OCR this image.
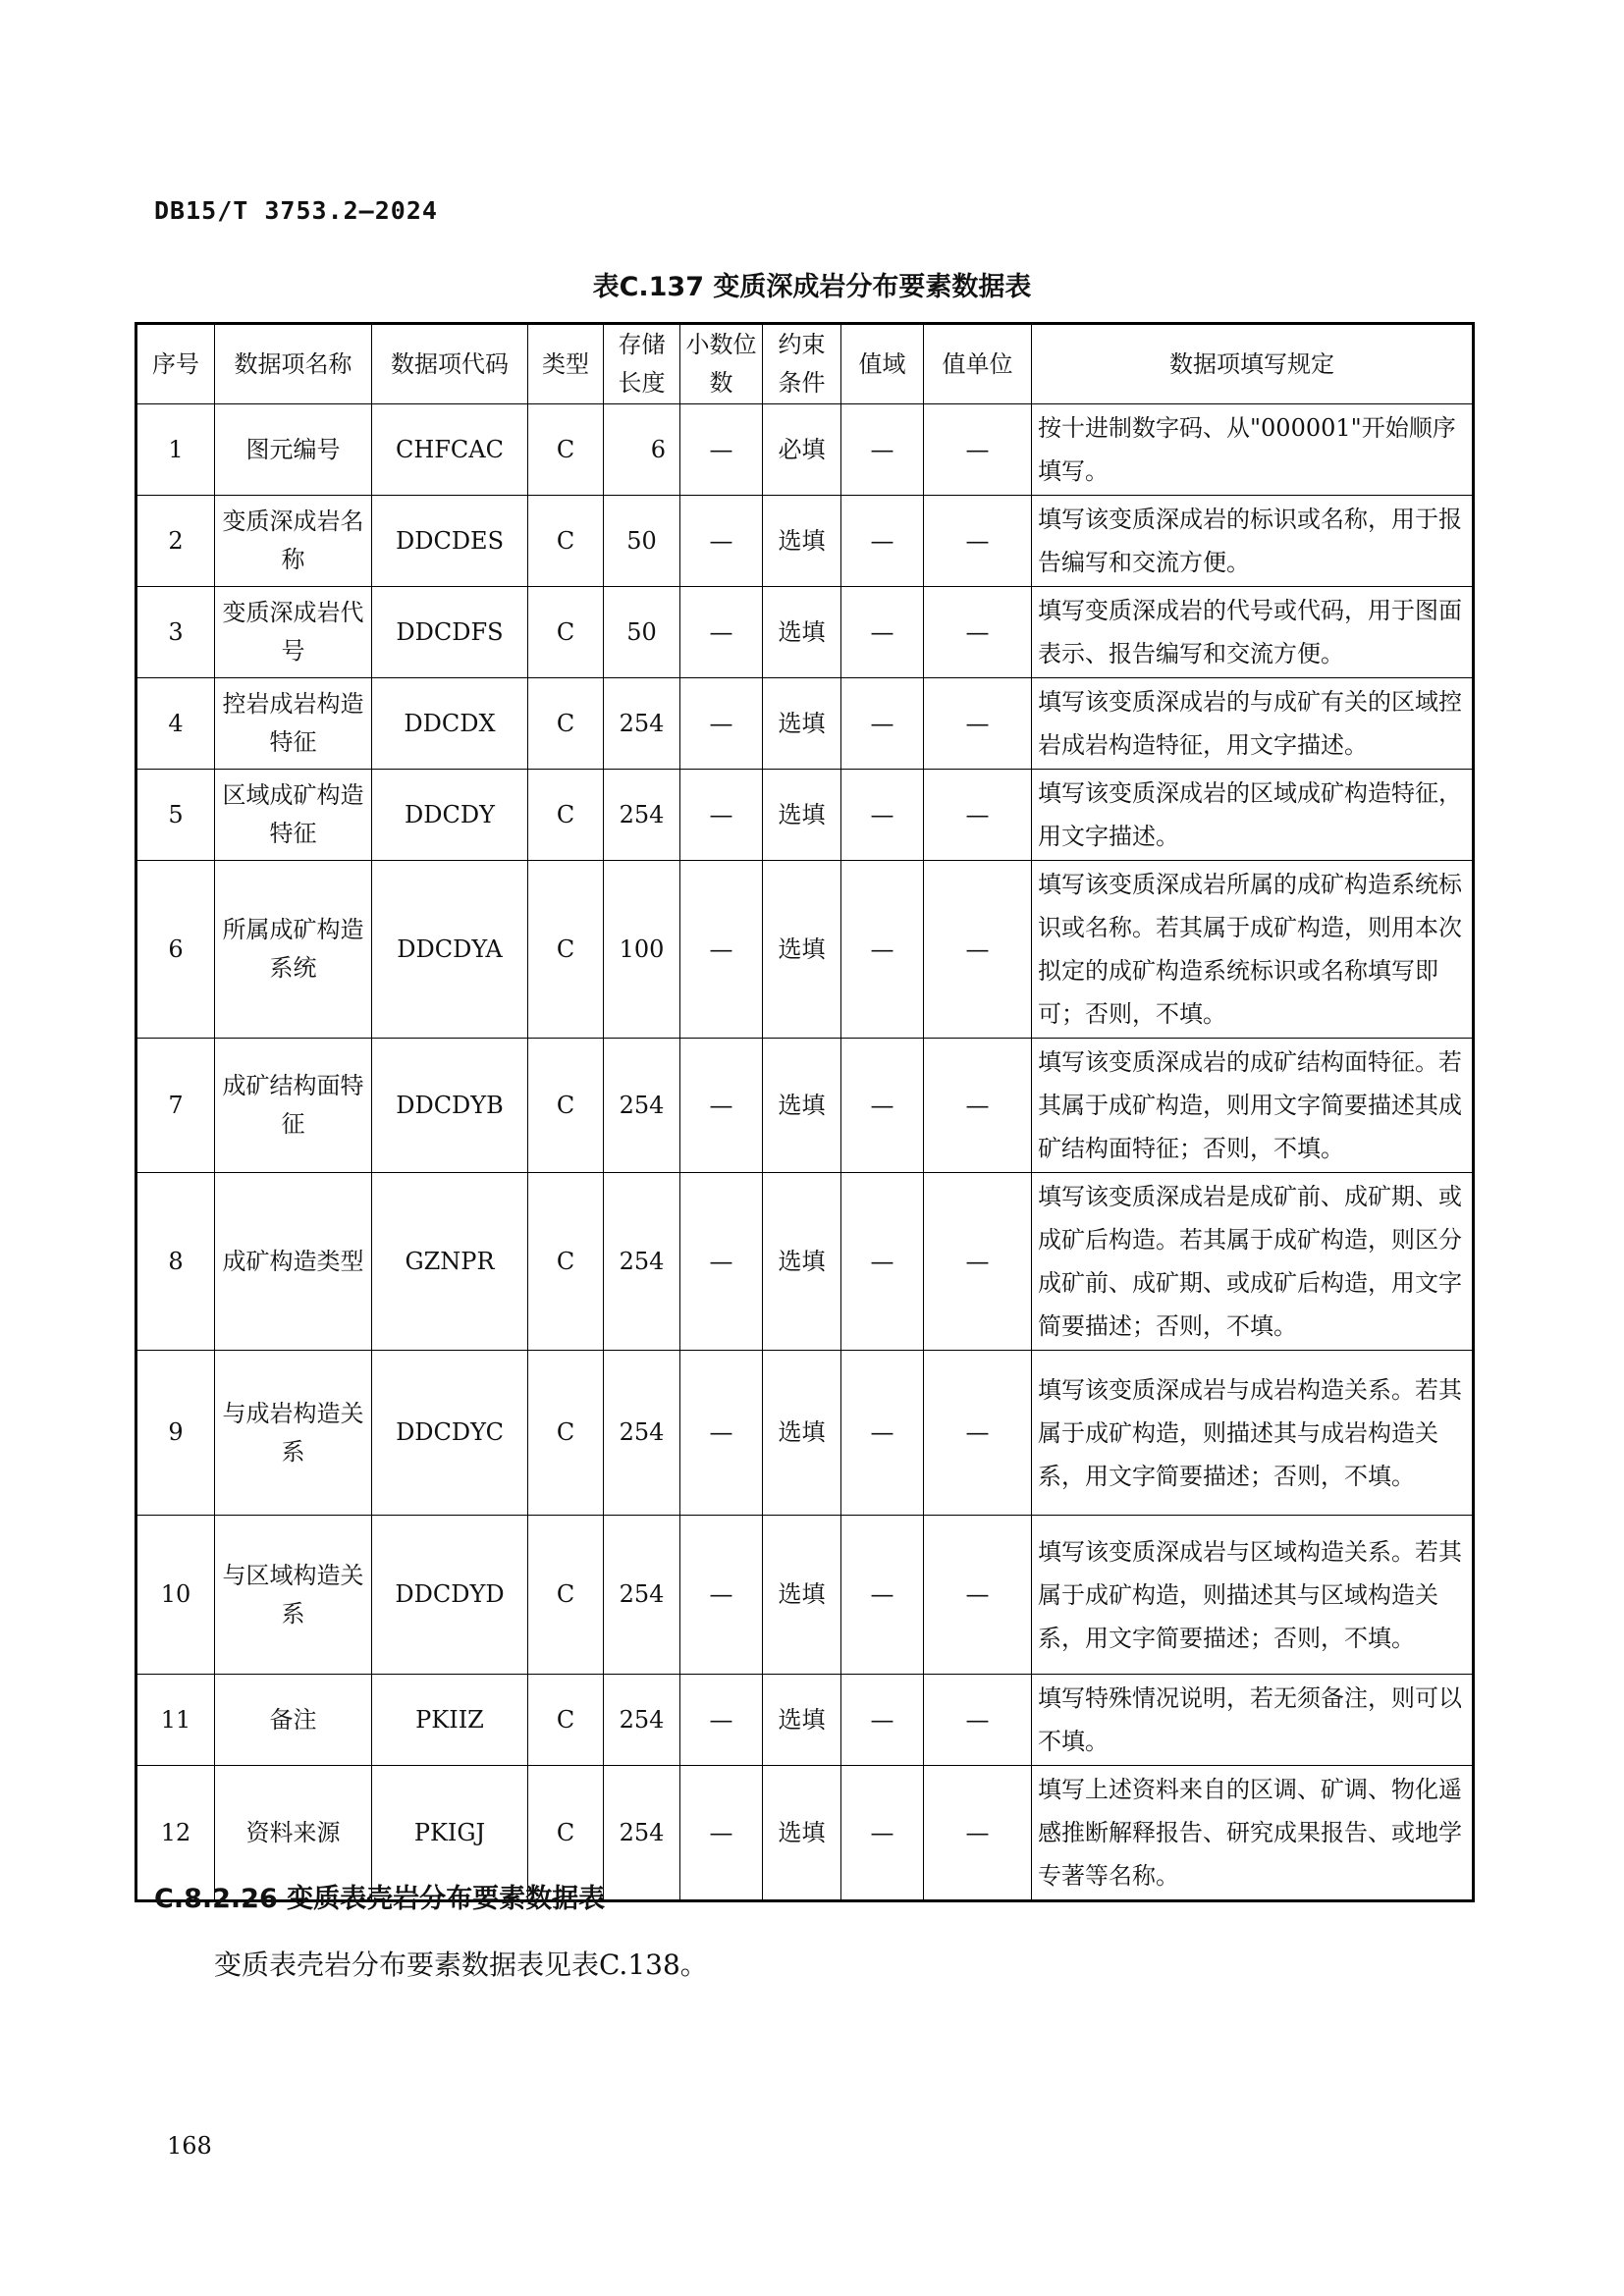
DB15/T 3753.2—2024
表C.137 变质深成岩分布要素数据表
序号	数据项名称	数据项代码	类型	存储长度	小数位数	约束条件	值域	值单位	数据项填写规定
1	图元编号	CHFCAC	C	6	—	必填	—	—	按十进制数字码、从"000001"开始顺序填写。
2	变质深成岩名称	DDCDES	C	50	—	选填	—	—	填写该变质深成岩的标识或名称，用于报告编写和交流方便。
3	变质深成岩代号	DDCDFS	C	50	—	选填	—	—	填写变质深成岩的代号或代码，用于图面表示、报告编写和交流方便。
4	控岩成岩构造特征	DDCDX	C	254	—	选填	—	—	填写该变质深成岩的与成矿有关的区域控岩成岩构造特征，用文字描述。
5	区域成矿构造特征	DDCDY	C	254	—	选填	—	—	填写该变质深成岩的区域成矿构造特征，用文字描述。
6	所属成矿构造系统	DDCDYA	C	100	—	选填	—	—	填写该变质深成岩所属的成矿构造系统标识或名称。若其属于成矿构造，则用本次拟定的成矿构造系统标识或名称填写即可；否则，不填。
7	成矿结构面特征	DDCDYB	C	254	—	选填	—	—	填写该变质深成岩的成矿结构面特征。若其属于成矿构造，则用文字简要描述其成矿结构面特征；否则，不填。
8	成矿构造类型	GZNPR	C	254	—	选填	—	—	填写该变质深成岩是成矿前、成矿期、或成矿后构造。若其属于成矿构造，则区分成矿前、成矿期、或成矿后构造，用文字简要描述；否则，不填。
9	与成岩构造关系	DDCDYC	C	254	—	选填	—	—	填写该变质深成岩与成岩构造关系。若其属于成矿构造，则描述其与成岩构造关系，用文字简要描述；否则，不填。
10	与区域构造关系	DDCDYD	C	254	—	选填	—	—	填写该变质深成岩与区域构造关系。若其属于成矿构造，则描述其与区域构造关系，用文字简要描述；否则，不填。
11	备注	PKIIZ	C	254	—	选填	—	—	填写特殊情况说明，若无须备注，则可以不填。
12	资料来源	PKIGJ	C	254	—	选填	—	—	填写上述资料来自的区调、矿调、物化遥感推断解释报告、研究成果报告、或地学专著等名称。
C.8.2.26 变质表壳岩分布要素数据表
变质表壳岩分布要素数据表见表C.138。
168
